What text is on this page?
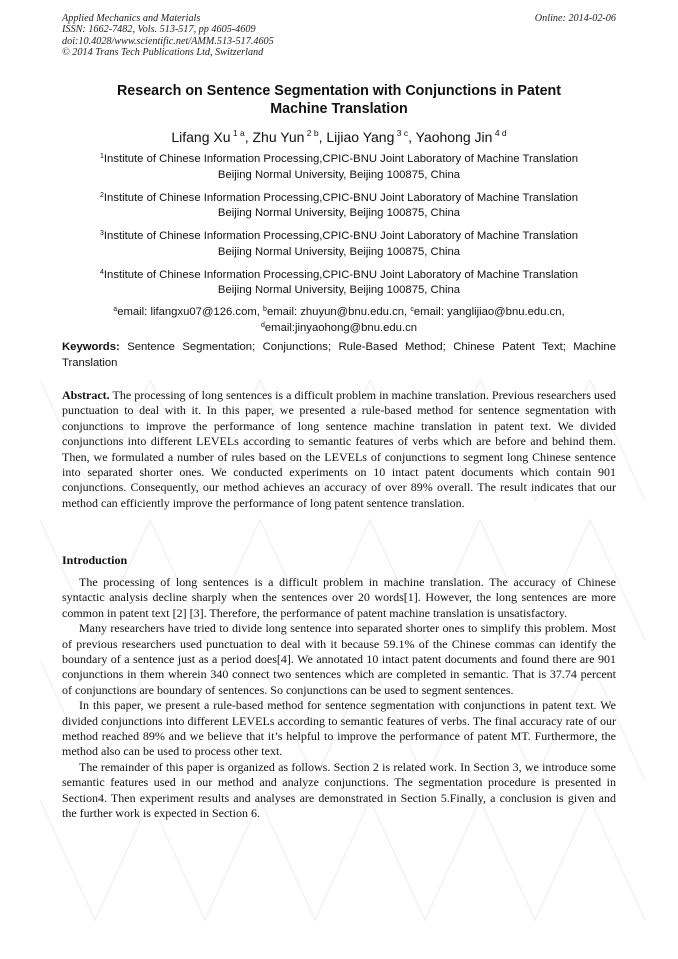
Applied Mechanics and Materials
ISSN: 1662-7482, Vols. 513-517, pp 4605-4609
doi:10.4028/www.scientific.net/AMM.513-517.4605
© 2014 Trans Tech Publications Ltd, Switzerland
Online: 2014-02-06
Research on Sentence Segmentation with Conjunctions in Patent
Machine Translation
Lifang Xu $^{1 a}$, Zhu Yun $^{2 b}$, Lijiao Yang $^{3 c}$, Yaohong Jin $^{4 d}$
$^1$Institute of Chinese Information Processing,CPIC-BNU Joint Laboratory of Machine Translation
Beijing Normal University, Beijing 100875, China
$^2$Institute of Chinese Information Processing,CPIC-BNU Joint Laboratory of Machine Translation
Beijing Normal University, Beijing 100875, China
$^3$Institute of Chinese Information Processing,CPIC-BNU Joint Laboratory of Machine Translation
Beijing Normal University, Beijing 100875, China
$^4$Institute of Chinese Information Processing,CPIC-BNU Joint Laboratory of Machine Translation
Beijing Normal University, Beijing 100875, China
$^a$email: lifangxu07@126.com, $^b$email: zhuyun@bnu.edu.cn, $^c$email: yanglijiao@bnu.edu.cn,
$^d$email:jinyaohong@bnu.edu.cn
Keywords: Sentence Segmentation; Conjunctions; Rule-Based Method; Chinese Patent Text; Machine Translation
Abstract. The processing of long sentences is a difficult problem in machine translation. Previous researchers used punctuation to deal with it. In this paper, we presented a rule-based method for sentence segmentation with conjunctions to improve the performance of long sentence machine translation in patent text. We divided conjunctions into different LEVELs according to semantic features of verbs which are before and behind them. Then, we formulated a number of rules based on the LEVELs of conjunctions to segment long Chinese sentence into separated shorter ones. We conducted experiments on 10 intact patent documents which contain 901 conjunctions. Consequently, our method achieves an accuracy of over 89% overall. The result indicates that our method can efficiently improve the performance of long patent sentence translation.
Introduction

The processing of long sentences is a difficult problem in machine translation. The accuracy of Chinese syntactic analysis decline sharply when the sentences over 20 words[1]. However, the long sentences are more common in patent text [2] [3]. Therefore, the performance of patent machine translation is unsatisfactory.

Many researchers have tried to divide long sentence into separated shorter ones to simplify this problem. Most of previous researchers used punctuation to deal with it because 59.1% of the Chinese commas can identify the boundary of a sentence just as a period does[4]. We annotated 10 intact patent documents and found there are 901 conjunctions in them wherein 340 connect two sentences which are completed in semantic. That is 37.74 percent of conjunctions are boundary of sentences. So conjunctions can be used to segment sentences.

In this paper, we present a rule-based method for sentence segmentation with conjunctions in patent text. We divided conjunctions into different LEVELs according to semantic features of verbs. The final accuracy rate of our method reached 89% and we believe that it’s helpful to improve the performance of patent MT. Furthermore, the method also can be used to process other text.

The remainder of this paper is organized as follows. Section 2 is related work. In Section 3, we introduce some semantic features used in our method and analyze conjunctions. The segmentation procedure is presented in Section4. Then experiment results and analyses are demonstrated in Section 5.Finally, a conclusion is given and the further work is expected in Section 6.
